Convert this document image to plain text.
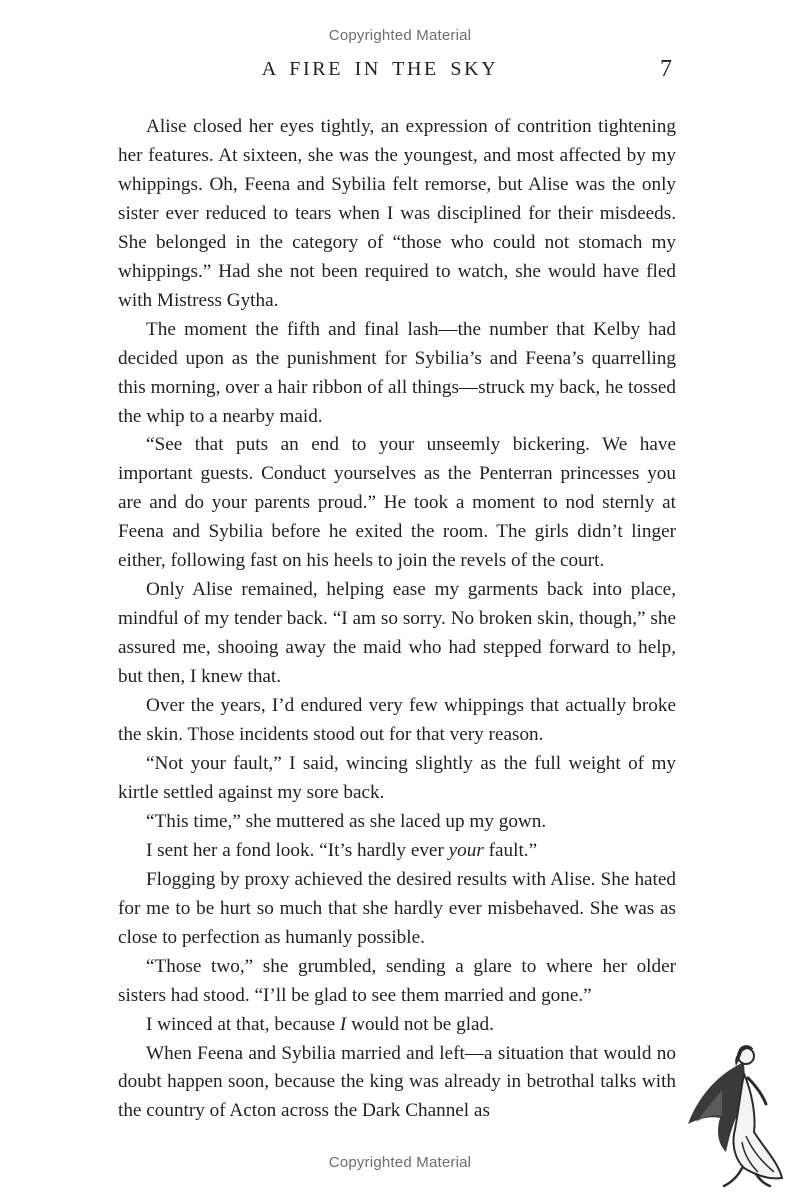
Copyrighted Material
A FIRE IN THE SKY	7

Alise closed her eyes tightly, an expression of contrition tightening her features. At sixteen, she was the youngest, and most affected by my whippings. Oh, Feena and Sybilia felt remorse, but Alise was the only sister ever reduced to tears when I was disciplined for their misdeeds. She belonged in the category of “those who could not stomach my whippings.” Had she not been required to watch, she would have fled with Mistress Gytha.

The moment the fifth and final lash—the number that Kelby had decided upon as the punishment for Sybilia’s and Feena’s quarrelling this morning, over a hair ribbon of all things—struck my back, he tossed the whip to a nearby maid.

“See that puts an end to your unseemly bickering. We have important guests. Conduct yourselves as the Penterran princesses you are and do your parents proud.” He took a moment to nod sternly at Feena and Sybilia before he exited the room. The girls didn’t linger either, following fast on his heels to join the revels of the court.

Only Alise remained, helping ease my garments back into place, mindful of my tender back. “I am so sorry. No broken skin, though,” she assured me, shooing away the maid who had stepped forward to help, but then, I knew that.

Over the years, I’d endured very few whippings that actually broke the skin. Those incidents stood out for that very reason.

“Not your fault,” I said, wincing slightly as the full weight of my kirtle settled against my sore back.

“This time,” she muttered as she laced up my gown.

I sent her a fond look. “It’s hardly ever your fault.”

Flogging by proxy achieved the desired results with Alise. She hated for me to be hurt so much that she hardly ever misbehaved. She was as close to perfection as humanly possible.

“Those two,” she grumbled, sending a glare to where her older sisters had stood. “I’ll be glad to see them married and gone.”

I winced at that, because I would not be glad.

When Feena and Sybilia married and left—a situation that would no doubt happen soon, because the king was already in betrothal talks with the country of Acton across the Dark Channel as

Copyrighted Material
